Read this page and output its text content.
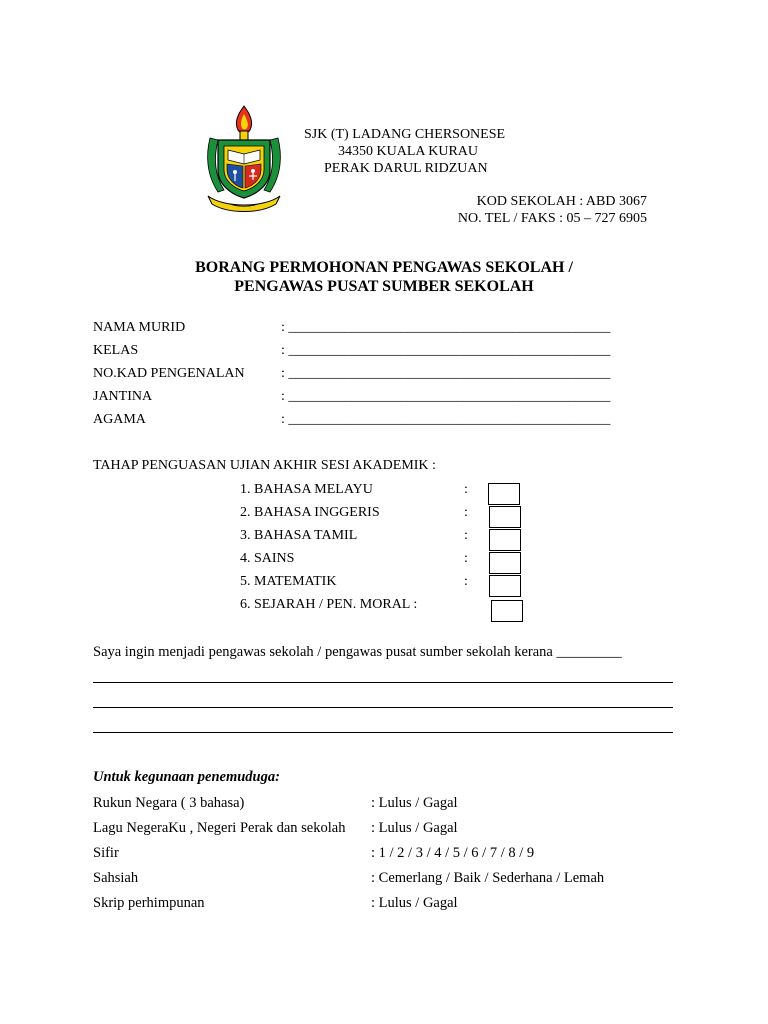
SJK (T) LADANG CHERSONESE
34350 KUALA KURAU
PERAK DARUL RIDZUAN
KOD SEKOLAH : ABD 3067
NO. TEL / FAKS : 05 – 727 6905
BORANG PERMOHONAN PENGAWAS SEKOLAH /
PENGAWAS PUSAT SUMBER SEKOLAH
NAMA MURID	: ______________________________________________
KELAS	: ______________________________________________
NO.KAD PENGENALAN	: ______________________________________________
JANTINA	: ______________________________________________
AGAMA	: ______________________________________________
TAHAP PENGUASAN UJIAN AKHIR SESI AKADEMIK :
1. BAHASA MELAYU	:
2. BAHASA INGGERIS	:
3. BAHASA TAMIL	:
4. SAINS	:
5. MATEMATIK	:
6. SEJARAH / PEN. MORAL :
Saya ingin menjadi pengawas sekolah / pengawas pusat sumber sekolah kerana _________
Untuk kegunaan penemuduga:
Rukun Negara ( 3 bahasa)	: Lulus / Gagal
Lagu NegeraKu , Negeri Perak dan sekolah : Lulus / Gagal
Sifir	: 1 / 2 / 3 / 4 / 5 / 6 / 7 / 8 / 9
Sahsiah	: Cemerlang / Baik / Sederhana / Lemah
Skrip perhimpunan	: Lulus / Gagal
